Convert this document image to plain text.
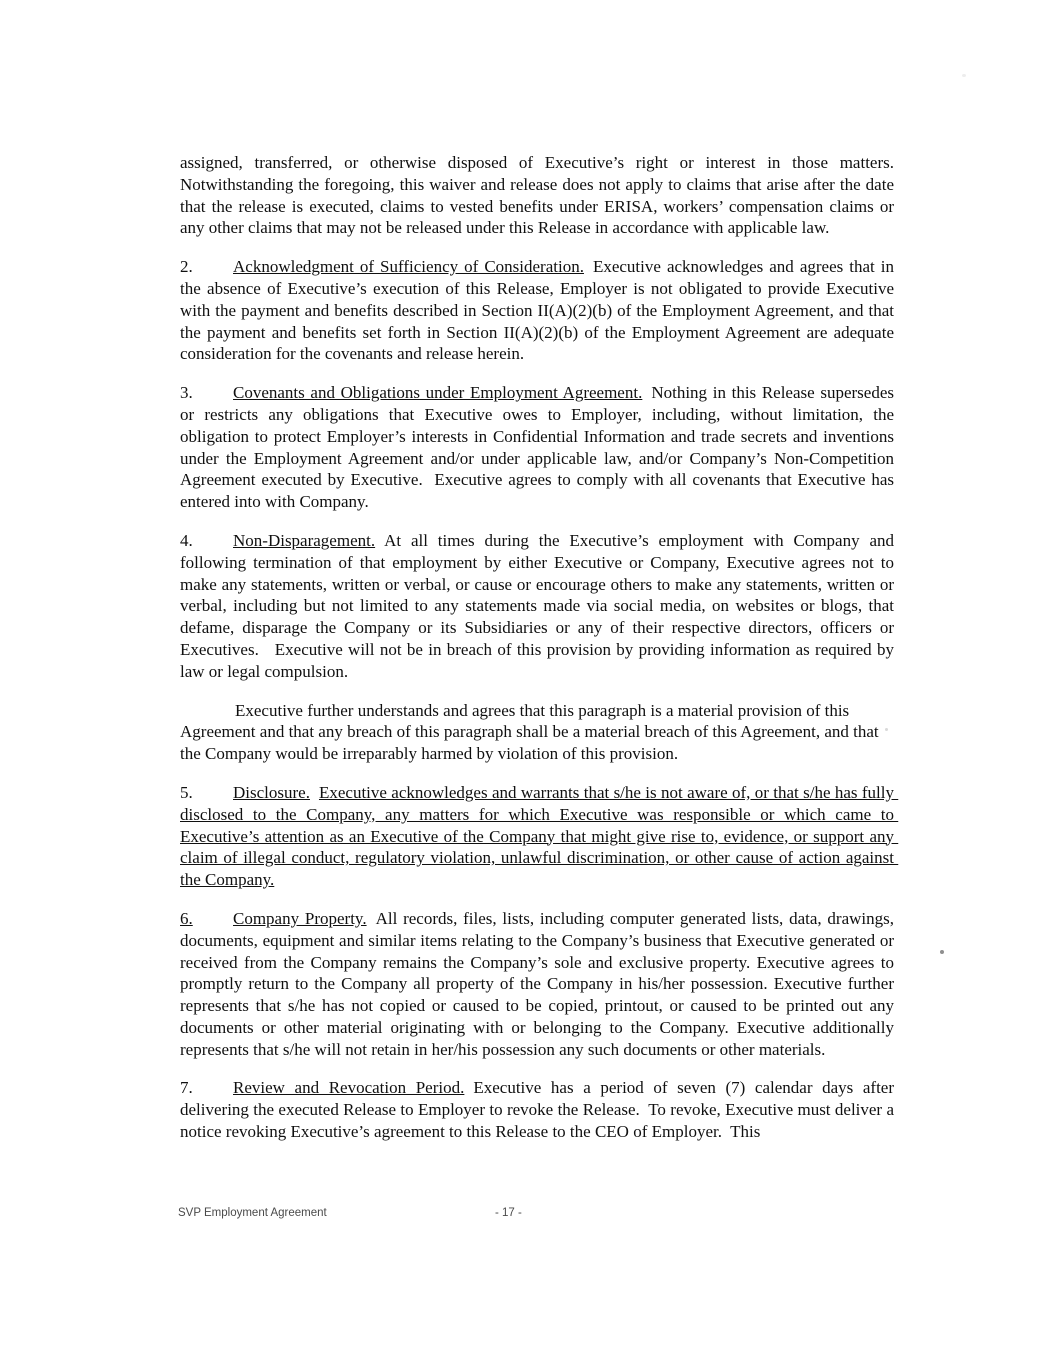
assigned, transferred, or otherwise disposed of Executive’s right or interest in those matters. Notwithstanding the foregoing, this waiver and release does not apply to claims that arise after the date that the release is executed, claims to vested benefits under ERISA, workers’ compensation claims or any other claims that may not be released under this Release in accordance with applicable law.
2. Acknowledgment of Sufficiency of Consideration. Executive acknowledges and agrees that in the absence of Executive’s execution of this Release, Employer is not obligated to provide Executive with the payment and benefits described in Section II(A)(2)(b) of the Employment Agreement, and that the payment and benefits set forth in Section II(A)(2)(b) of the Employment Agreement are adequate consideration for the covenants and release herein.
3. Covenants and Obligations under Employment Agreement. Nothing in this Release supersedes or restricts any obligations that Executive owes to Employer, including, without limitation, the obligation to protect Employer’s interests in Confidential Information and trade secrets and inventions under the Employment Agreement and/or under applicable law, and/or Company’s Non-Competition Agreement executed by Executive.  Executive agrees to comply with all covenants that Executive has entered into with Company.
4. Non-Disparagement. At all times during the Executive’s employment with Company and following termination of that employment by either Executive or Company, Executive agrees not to make any statements, written or verbal, or cause or encourage others to make any statements, written or verbal, including but not limited to any statements made via social media, on websites or blogs, that defame, disparage the Company or its Subsidiaries or any of their respective directors, officers or Executives.   Executive will not be in breach of this provision by providing information as required by law or legal compulsion.
Executive further understands and agrees that this paragraph is a material provision of this Agreement and that any breach of this paragraph shall be a material breach of this Agreement, and that the Company would be irreparably harmed by violation of this provision.
5. Disclosure. Executive acknowledges and warrants that s/he is not aware of, or that s/he has fully disclosed to the Company, any matters for which Executive was responsible or which came to Executive’s attention as an Executive of the Company that might give rise to, evidence, or support any claim of illegal conduct, regulatory violation, unlawful discrimination, or other cause of action against the Company.
6. Company Property. All records, files, lists, including computer generated lists, data, drawings, documents, equipment and similar items relating to the Company’s business that Executive generated or received from the Company remains the Company’s sole and exclusive property. Executive agrees to promptly return to the Company all property of the Company in his/her possession. Executive further represents that s/he has not copied or caused to be copied, printout, or caused to be printed out any documents or other material originating with or belonging to the Company. Executive additionally represents that s/he will not retain in her/his possession any such documents or other materials.
7. Review and Revocation Period. Executive has a period of seven (7) calendar days after delivering the executed Release to Employer to revoke the Release.  To revoke, Executive must deliver a notice revoking Executive’s agreement to this Release to the CEO of Employer.  This
SVP Employment Agreement	- 17 -
